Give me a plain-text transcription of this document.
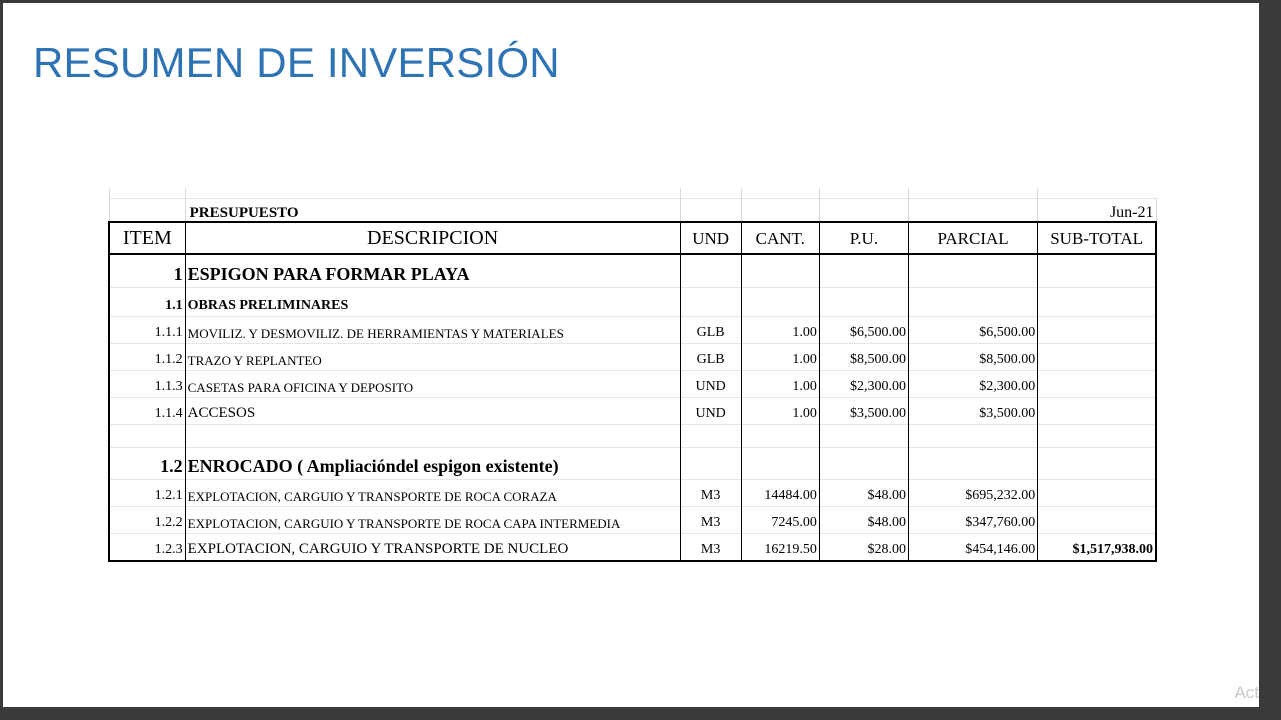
RESUMEN DE INVERSIÓN

	PRESUPUESTO					Jun-21
ITEM	DESCRIPCION	UND	CANT.	P.U.	PARCIAL	SUB-TOTAL
1	ESPIGON PARA FORMAR PLAYA					
1.1	OBRAS PRELIMINARES					
1.1.1	MOVILIZ. Y DESMOVILIZ. DE HERRAMIENTAS Y MATERIALES	GLB	1.00	$6,500.00	$6,500.00	
1.1.2	TRAZO Y REPLANTEO	GLB	1.00	$8,500.00	$8,500.00	
1.1.3	CASETAS PARA OFICINA Y DEPOSITO	UND	1.00	$2,300.00	$2,300.00	
1.1.4	ACCESOS	UND	1.00	$3,500.00	$3,500.00	

1.2	ENROCADO ( Ampliacióndel espigon existente)					
1.2.1	EXPLOTACION, CARGUIO Y TRANSPORTE DE ROCA CORAZA	M3	14484.00	$48.00	$695,232.00	
1.2.2	EXPLOTACION, CARGUIO Y TRANSPORTE DE ROCA CAPA INTERMEDIA	M3	7245.00	$48.00	$347,760.00	
1.2.3	EXPLOTACION, CARGUIO Y TRANSPORTE DE NUCLEO	M3	16219.50	$28.00	$454,146.00	$1,517,938.00
Act
